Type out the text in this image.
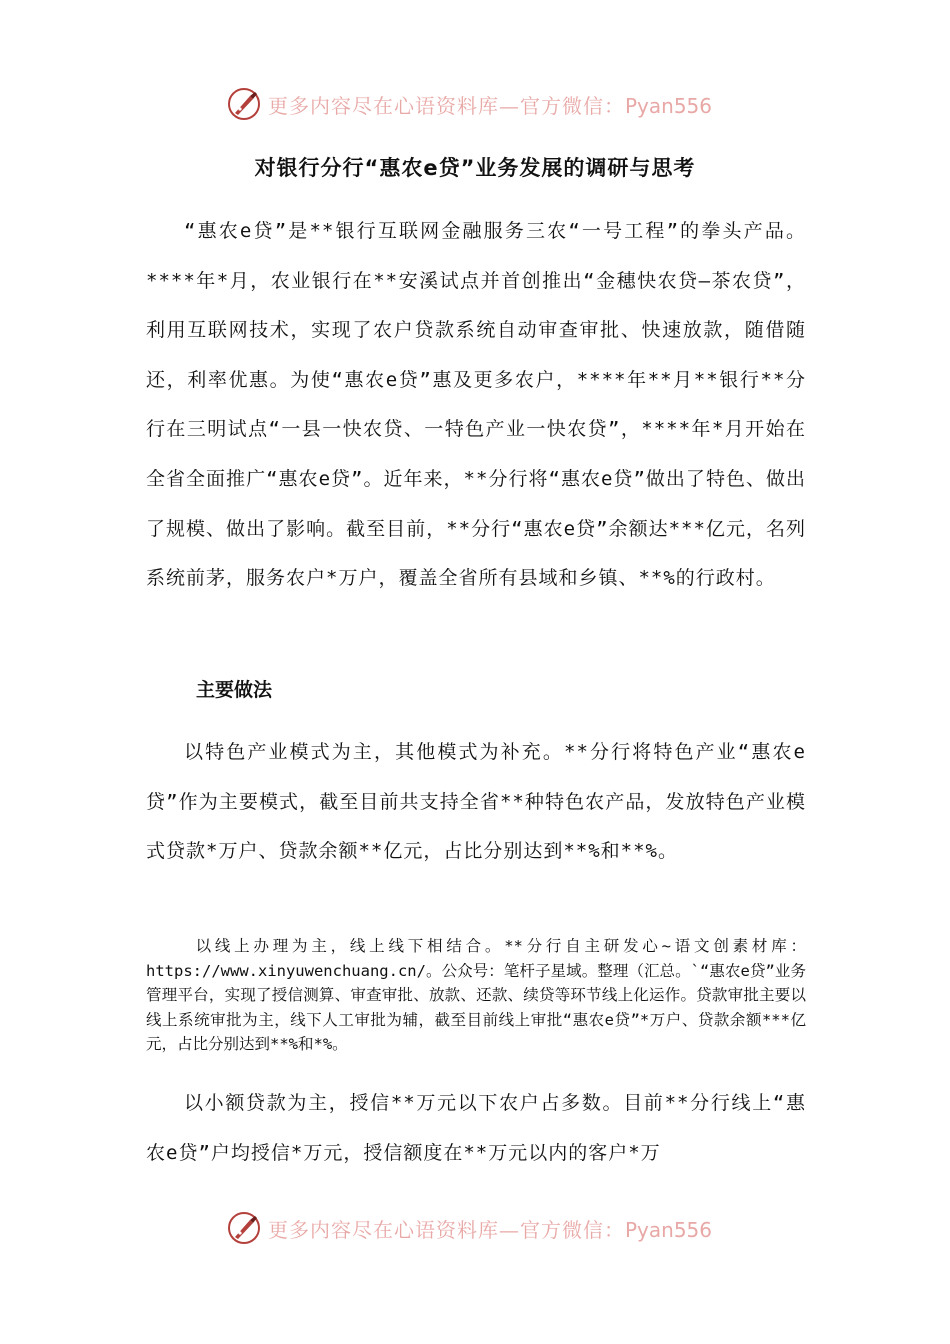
更多内容尽在心语资料库—官方微信：Pyan556
对银行分行“惠农e贷”业务发展的调研与思考
“惠农e贷”是**银行互联网金融服务三农“一号工程”的拳头产品。****年*月，农业银行在**安溪试点并首创推出“金穗快农贷—茶农贷”，利用互联网技术，实现了农户贷款系统自动审查审批、快速放款，随借随还，利率优惠。为使“惠农e贷”惠及更多农户，****年**月**银行**分行在三明试点“一县一快农贷、一特色产业一快农贷”，****年*月开始在全省全面推广“惠农e贷”。近年来，**分行将“惠农e贷”做出了特色、做出了规模、做出了影响。截至目前，**分行“惠农e贷”余额达***亿元，名列系统前茅，服务农户*万户，覆盖全省所有县域和乡镇、**%的行政村。
主要做法
以特色产业模式为主，其他模式为补充。**分行将特色产业“惠农e贷”作为主要模式，截至目前共支持全省**种特色农产品，发放特色产业模式贷款*万户、贷款余额**亿元，占比分别达到**%和**%。
以线上办理为主，线上线下相结合。**分行自主研发心~语文创素材库：https://www.xinyuwenchuang.cn/。公众号：笔杆子星域。整理（汇总。`“惠农e贷”业务管理平台，实现了授信测算、审查审批、放款、还款、续贷等环节线上化运作。贷款审批主要以线上系统审批为主，线下人工审批为辅，截至目前线上审批“惠农e贷”*万户、贷款余额***亿元，占比分别达到**%和*%。
以小额贷款为主，授信**万元以下农户占多数。目前**分行线上“惠农e贷”户均授信*万元，授信额度在**万元以内的客户*万
更多内容尽在心语资料库—官方微信：Pyan556
